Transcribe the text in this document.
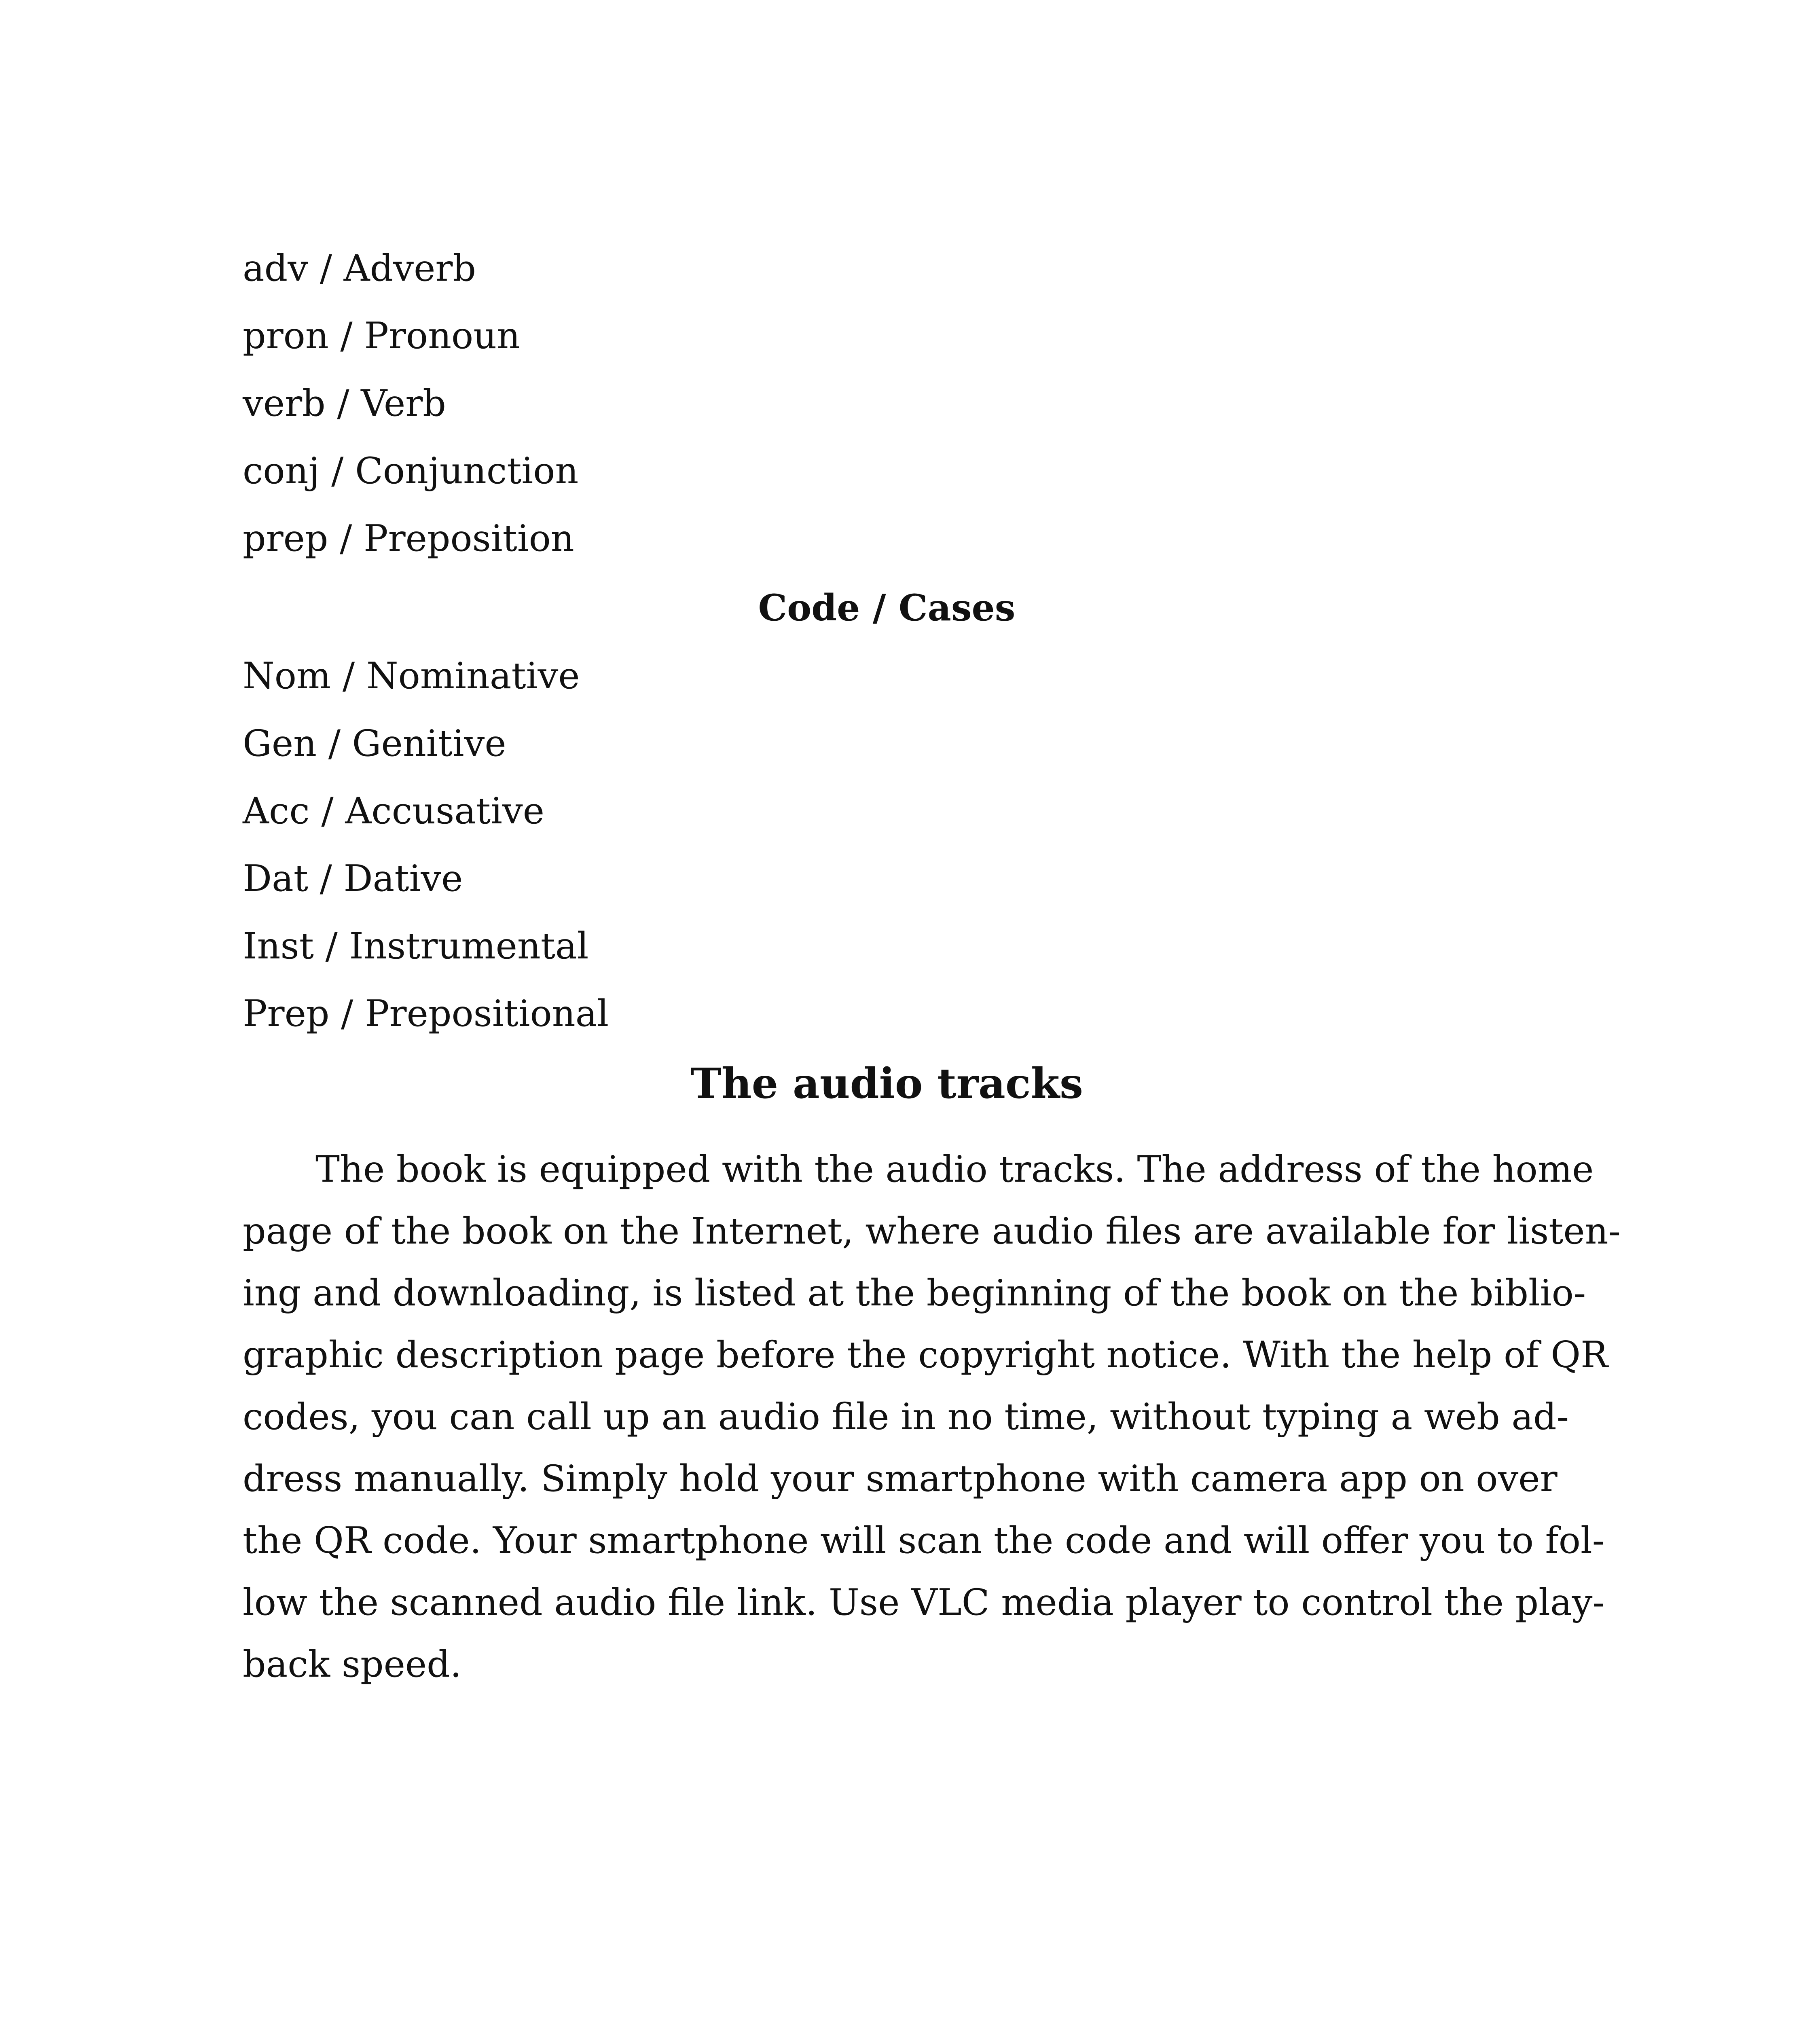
adv / Adverb
pron / Pronoun
verb / Verb
conj / Conjunction
prep / Preposition
Code / Cases
Nom / Nominative
Gen / Genitive
Acc / Accusative
Dat / Dative
Inst / Instrumental
Prep / Prepositional
The audio tracks

The book is equipped with the audio tracks. The address of the home

page of the book on the Internet, where audio files are available for listen-

ing and downloading, is listed at the beginning of the book on the biblio-

graphic description page before the copyright notice. With the help of QR

codes, you can call up an audio file in no time, without typing a web ad-

dress manually. Simply hold your smartphone with camera app on over

the QR code. Your smartphone will scan the code and will offer you to fol-

low the scanned audio file link. Use VLC media player to control the play-

back speed.
